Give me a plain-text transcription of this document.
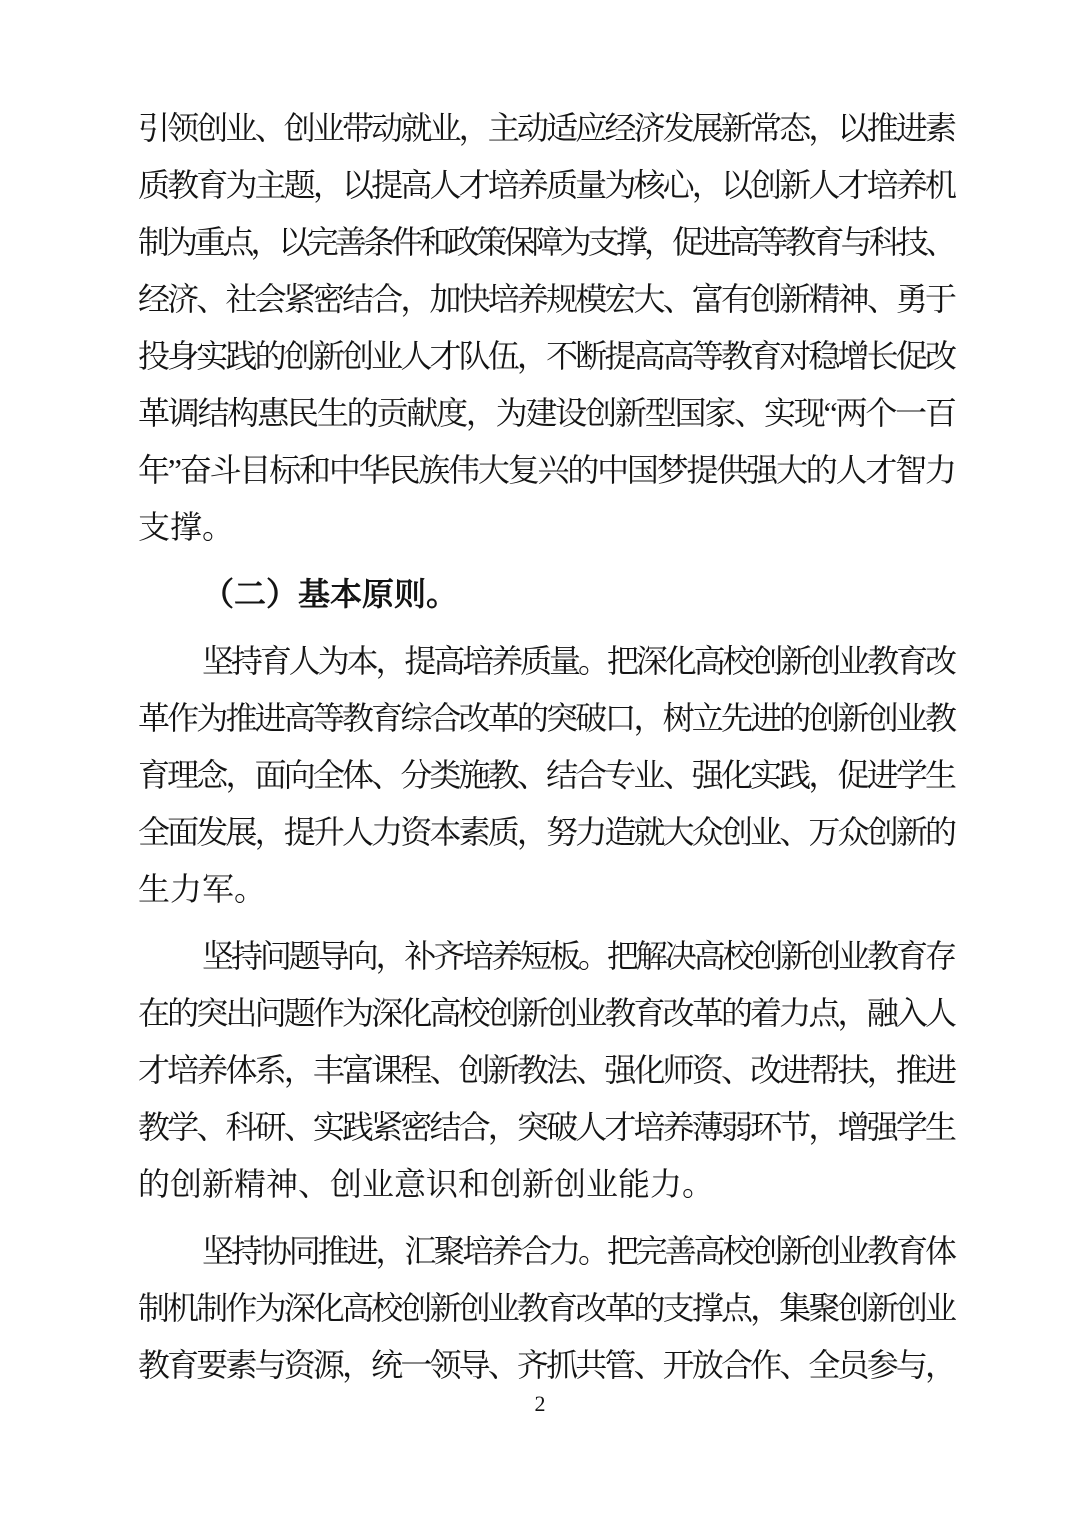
引领创业、创业带动就业，主动适应经济发展新常态，以推进素
质教育为主题，以提高人才培养质量为核心，以创新人才培养机
制为重点，以完善条件和政策保障为支撑，促进高等教育与科技、
经济、社会紧密结合，加快培养规模宏大、富有创新精神、勇于
投身实践的创新创业人才队伍，不断提高高等教育对稳增长促改
革调结构惠民生的贡献度，为建设创新型国家、实现“两个一百
年”奋斗目标和中华民族伟大复兴的中国梦提供强大的人才智力
支撑。
（二）基本原则。
坚持育人为本，提高培养质量。把深化高校创新创业教育改
革作为推进高等教育综合改革的突破口，树立先进的创新创业教
育理念，面向全体、分类施教、结合专业、强化实践，促进学生
全面发展，提升人力资本素质，努力造就大众创业、万众创新的
生力军。
坚持问题导向，补齐培养短板。把解决高校创新创业教育存
在的突出问题作为深化高校创新创业教育改革的着力点，融入人
才培养体系，丰富课程、创新教法、强化师资、改进帮扶，推进
教学、科研、实践紧密结合，突破人才培养薄弱环节，增强学生
的创新精神、创业意识和创新创业能力。
坚持协同推进，汇聚培养合力。把完善高校创新创业教育体
制机制作为深化高校创新创业教育改革的支撑点，集聚创新创业
教育要素与资源，统一领导、齐抓共管、开放合作、全员参与，
2
